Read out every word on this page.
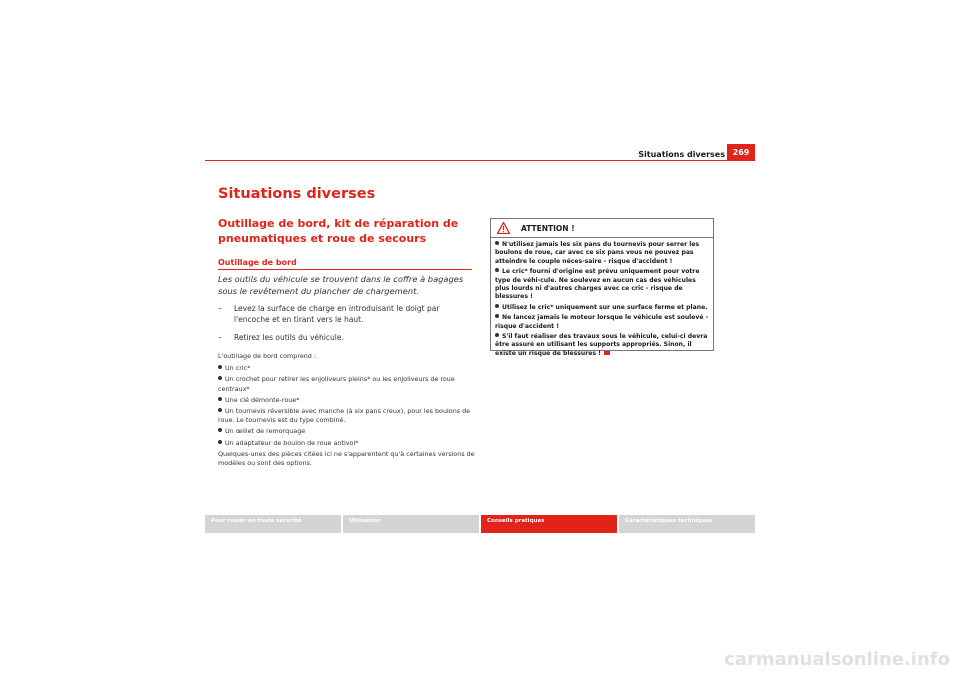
Situations diverses 269
Situations diverses
Outillage de bord, kit de réparation de pneumatiques et roue de secours
Outillage de bord
Les outils du véhicule se trouvent dans le coffre à bagages sous le revêtement du plancher de chargement.
– Levez la surface de charge en introduisant le doigt par l'encoche et en tirant vers le haut.
– Retirez les outils du véhicule.

L'outillage de bord comprend :

Un cric*
Un crochet pour retirer les enjoliveurs pleins* ou les enjoliveurs de roue centraux*
Une clé démonte-roue*
Un tournevis réversible avec manche (à six pans creux), pour les boulons de roue. Le tournevis est du type combiné.
Un œillet de remorquage
Un adaptateur de boulon de roue antivol*

Quelques-unes des pièces citées ici ne s'apparentent qu'à certaines versions de modèles ou sont des options.

ATTENTION !
N'utilisez jamais les six pans du tournevis pour serrer les boulons de roue, car avec ce six pans vous ne pouvez pas atteindre le couple néces-saire - risque d'accident !
Le cric* fourni d'origine est prévu uniquement pour votre type de véhi-cule. Ne soulevez en aucun cas des véhicules plus lourds ni d'autres charges avec ce cric - risque de blessures !
Utilisez le cric* uniquement sur une surface ferme et plane.
Ne lancez jamais le moteur lorsque le véhicule est soulevé - risque d'accident !
S'il faut réaliser des travaux sous le véhicule, celui-ci devra être assuré en utilisant les supports appropriés. Sinon, il existe un risque de blessures !
Pour rouler en toute sécurité	Utilisation	Conseils pratiques	Caractéristiques techniques
carmanualsonline.info
